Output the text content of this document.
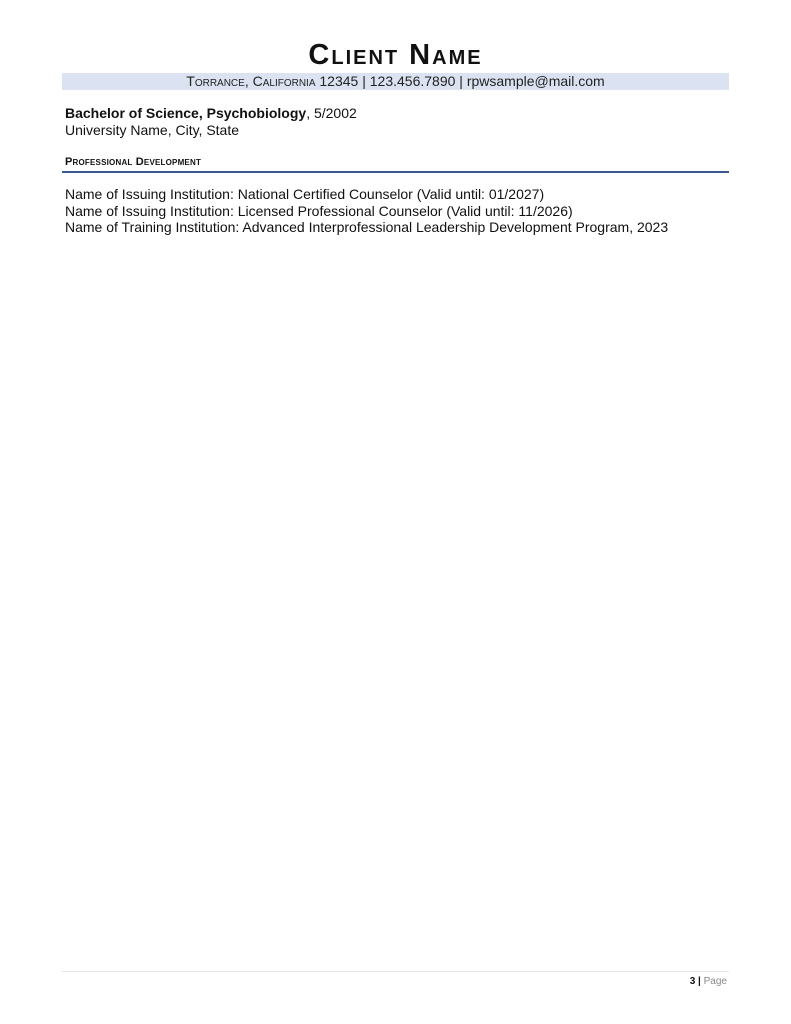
Client Name
Torrance, California 12345 | 123.456.7890 | rpwsample@mail.com
Bachelor of Science, Psychobiology, 5/2002
University Name, City, State
Professional Development
Name of Issuing Institution: National Certified Counselor (Valid until: 01/2027)
Name of Issuing Institution: Licensed Professional Counselor (Valid until: 11/2026)
Name of Training Institution: Advanced Interprofessional Leadership Development Program, 2023
3 | Page
